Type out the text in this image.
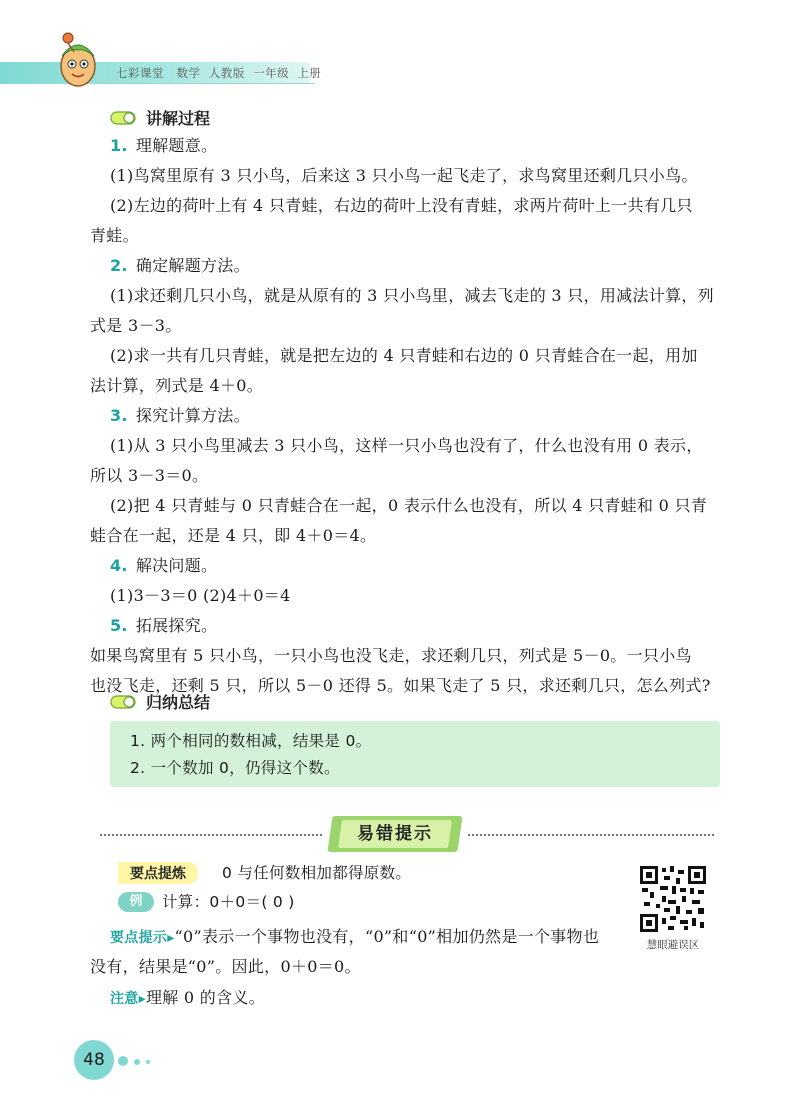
七彩课堂   数学  人教版  一年级  上册
讲解过程
1. 理解题意。
(1)鸟窝里原有 3 只小鸟，后来这 3 只小鸟一起飞走了，求鸟窝里还剩几只小鸟。
(2)左边的荷叶上有 4 只青蛙，右边的荷叶上没有青蛙，求两片荷叶上一共有几只
青蛙。
2. 确定解题方法。
(1)求还剩几只小鸟，就是从原有的 3 只小鸟里，减去飞走的 3 只，用减法计算，列
式是 3－3。
(2)求一共有几只青蛙，就是把左边的 4 只青蛙和右边的 0 只青蛙合在一起，用加
法计算，列式是 4＋0。
3. 探究计算方法。
(1)从 3 只小鸟里减去 3 只小鸟，这样一只小鸟也没有了，什么也没有用 0 表示，
所以 3－3＝0。
(2)把 4 只青蛙与 0 只青蛙合在一起，0 表示什么也没有，所以 4 只青蛙和 0 只青
蛙合在一起，还是 4 只，即 4＋0＝4。
4. 解决问题。
(1)3－3＝0 (2)4＋0＝4
5. 拓展探究。
如果鸟窝里有 5 只小鸟，一只小鸟也没飞走，求还剩几只，列式是 5－0。一只小鸟
也没飞走，还剩 5 只，所以 5－0 还得 5。如果飞走了 5 只，求还剩几只，怎么列式?
归纳总结
1. 两个相同的数相减，结果是 0。
2. 一个数加 0，仍得这个数。
易错提示
要点提炼	0 与任何数相加都得原数。
例	计算：0＋0＝( 0 )
要点提示▸“0”表示一个事物也没有，“0”和“0”相加仍然是一个事物也
没有，结果是“0”。因此，0＋0＝0。
注意▸理解 0 的含义。
慧眼避误区
48
